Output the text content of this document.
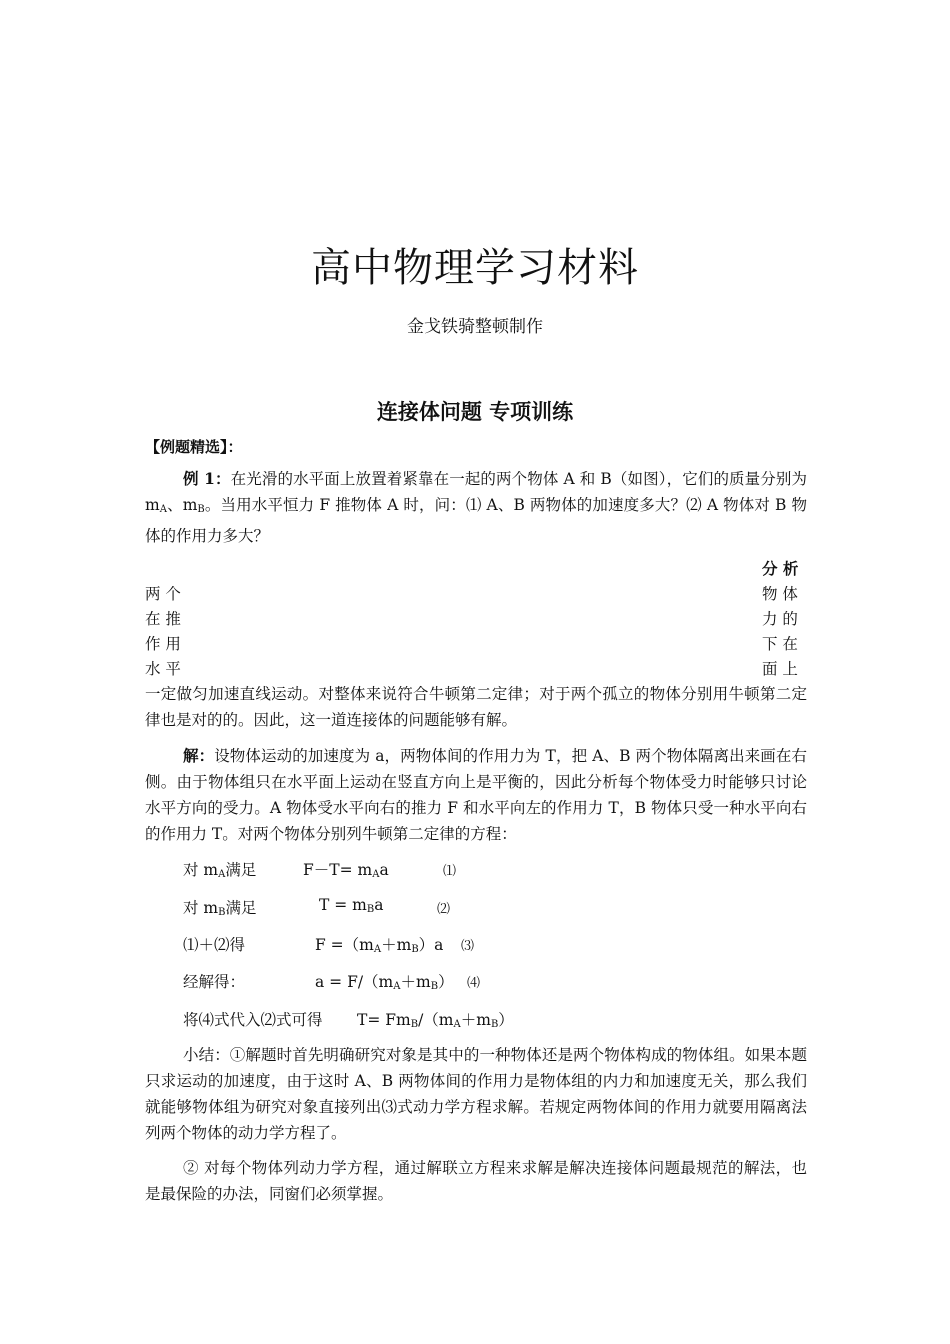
高中物理学习材料
金戈铁骑整顿制作
连接体问题 专项训练
【例题精选】：
例 1：在光滑的水平面上放置着紧靠在一起的两个物体 A 和 B（如图），它们的质量分别为 $m_A$、$m_B$。当用水平恒力 F 推物体 A 时，问：⑴ A、B 两物体的加速度多大？⑵ A 物体对 B 物体的作用力多大？
分 析
两 个
在 推
作 用
水 平
物 体
力 的
下 在
面 上
一定做匀加速直线运动。对整体来说符合牛顿第二定律；对于两个孤立的物体分别用牛顿第二定律也是对的的。因此，这一道连接体的问题能够有解。
解：设物体运动的加速度为 a，两物体间的作用力为 T，把 A、B 两个物体隔离出来画在右侧。由于物体组只在水平面上运动在竖直方向上是平衡的，因此分析每个物体受力时能够只讨论水平方向的受力。A 物体受水平向右的推力 F 和水平向左的作用力 T，B 物体只受一种水平向右的作用力 T。对两个物体分别列牛顿第二定律的方程：
对 $m_A$满足	$F-T= m_Aa$	⑴
对 $m_B$满足	$T = m_Ba$	⑵
⑴＋⑵得	$F =(m_A+m_B)a$ ⑶
经解得：	$a = F/(m_A+m_B)$ ⑷
将⑷式代入⑵式可得 $T= Fm_B/(m_A+m_B)$
小结：①解题时首先明确研究对象是其中的一种物体还是两个物体构成的物体组。如果本题只求运动的加速度，由于这时 A、B 两物体间的作用力是物体组的内力和加速度无关，那么我们就能够物体组为研究对象直接列出⑶式动力学方程求解。若规定两物体间的作用力就要用隔离法列两个物体的动力学方程了。
② 对每个物体列动力学方程，通过解联立方程来求解是解决连接体问题最规范的解法，也是最保险的办法，同窗们必须掌握。
